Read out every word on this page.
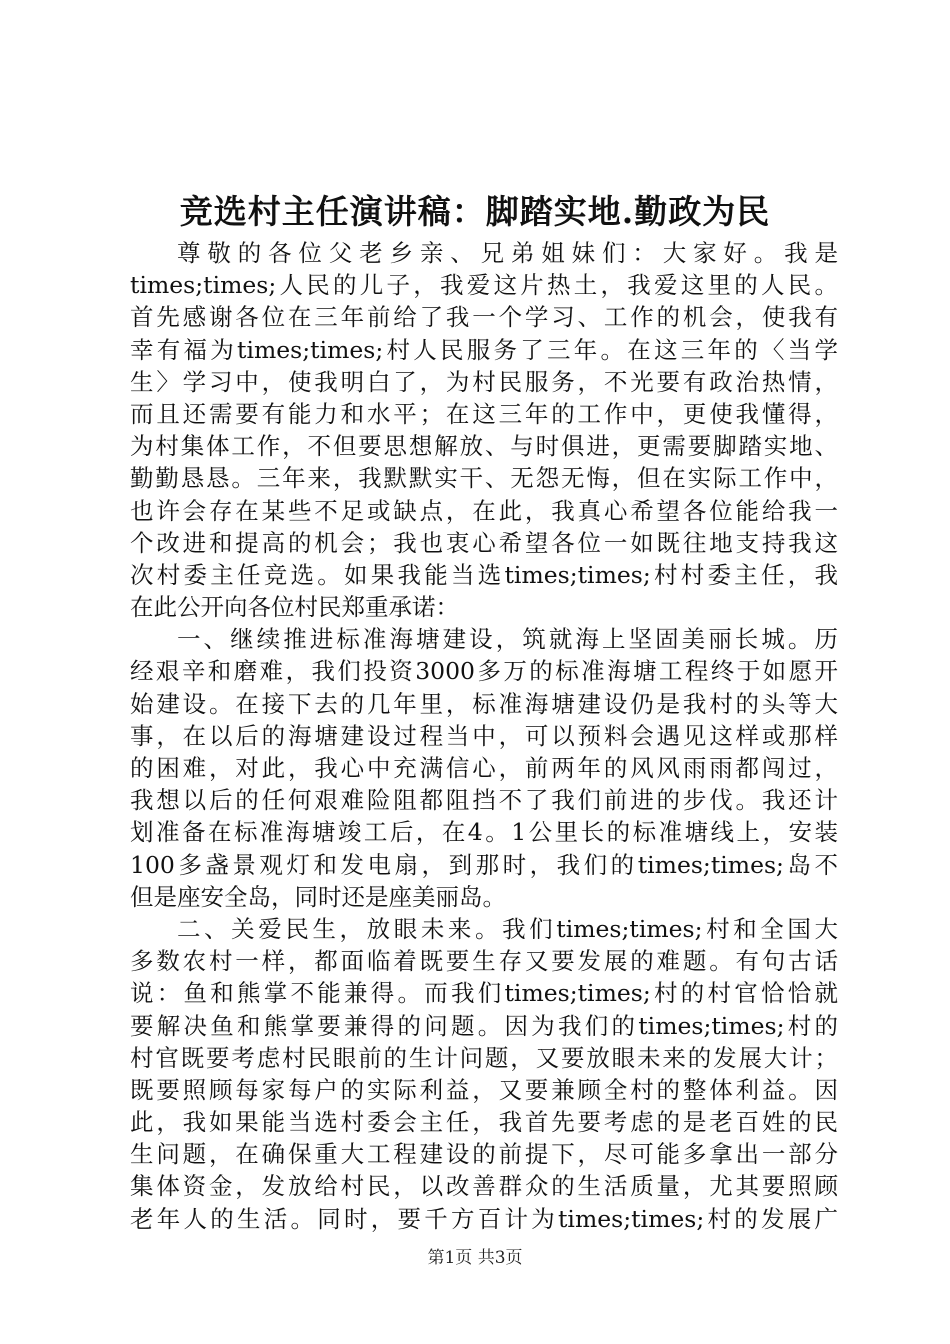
竞选村主任演讲稿：脚踏实地.勤政为民
尊敬的各位父老乡亲、兄弟姐妹们：大家好。我是
times;times;人民的儿子，我爱这片热土，我爱这里的人民。
首先感谢各位在三年前给了我一个学习、工作的机会，使我有
幸有福为times;times;村人民服务了三年。在这三年的〈当学
生〉学习中，使我明白了，为村民服务，不光要有政治热情，
而且还需要有能力和水平；在这三年的工作中，更使我懂得，
为村集体工作，不但要思想解放、与时俱进，更需要脚踏实地、
勤勤恳恳。三年来，我默默实干、无怨无悔，但在实际工作中，
也许会存在某些不足或缺点，在此，我真心希望各位能给我一
个改进和提高的机会；我也衷心希望各位一如既往地支持我这
次村委主任竞选。如果我能当选times;times;村村委主任，我
在此公开向各位村民郑重承诺：
一、继续推进标准海塘建设，筑就海上坚固美丽长城。历
经艰辛和磨难，我们投资3000多万的标准海塘工程终于如愿开
始建设。在接下去的几年里，标准海塘建设仍是我村的头等大
事，在以后的海塘建设过程当中，可以预料会遇见这样或那样
的困难，对此，我心中充满信心，前两年的风风雨雨都闯过，
我想以后的任何艰难险阻都阻挡不了我们前进的步伐。我还计
划准备在标准海塘竣工后，在4。1公里长的标准塘线上，安装
100多盏景观灯和发电扇，到那时，我们的times;times;岛不
但是座安全岛，同时还是座美丽岛。
二、关爱民生，放眼未来。我们times;times;村和全国大
多数农村一样，都面临着既要生存又要发展的难题。有句古话
说：鱼和熊掌不能兼得。而我们times;times;村的村官恰恰就
要解决鱼和熊掌要兼得的问题。因为我们的times;times;村的
村官既要考虑村民眼前的生计问题，又要放眼未来的发展大计；
既要照顾每家每户的实际利益，又要兼顾全村的整体利益。因
此，我如果能当选村委会主任，我首先要考虑的是老百姓的民
生问题，在确保重大工程建设的前提下，尽可能多拿出一部分
集体资金，发放给村民，以改善群众的生活质量，尤其要照顾
老年人的生活。同时，要千方百计为times;times;村的发展广
第1页 共3页
